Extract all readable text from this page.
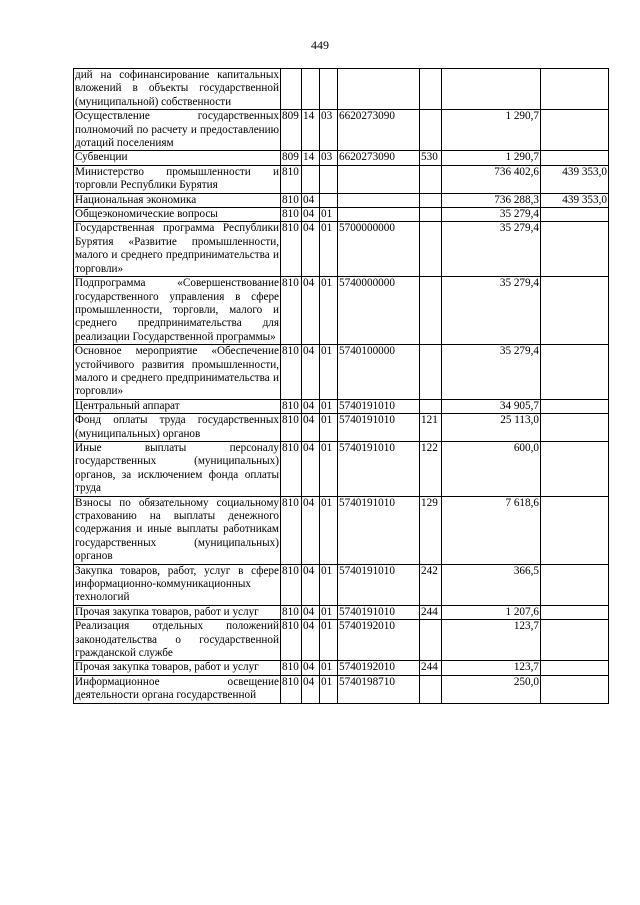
449
дий на софинансирование капитальных вложений в объекты государственной (муниципальной) собственности							
Осуществление государственных полномочий по расчету и предоставлению дотаций поселениям	809	14	03	6620273090		1 290,7	
Субвенции	809	14	03	6620273090	530	1 290,7	
Министерство промышленности и торговли Республики Бурятия	810					736 402,6	439 353,0
Национальная экономика	810	04				736 288,3	439 353,0
Общеэкономические вопросы	810	04	01			35 279,4	
Государственная программа Республики Бурятия «Развитие промышленности, малого и среднего предпринимательства и торговли»	810	04	01	5700000000		35 279,4	
Подпрограмма «Совершенствование государственного управления в сфере промышленности, торговли, малого и среднего предпринимательства для реализации Государственной программы»	810	04	01	5740000000		35 279,4	
Основное мероприятие «Обеспечение устойчивого развития промышленности, малого и среднего предпринимательства и торговли»	810	04	01	5740100000		35 279,4	
Центральный аппарат	810	04	01	5740191010		34 905,7	
Фонд оплаты труда государственных (муниципальных) органов	810	04	01	5740191010	121	25 113,0	
Иные выплаты персоналу государственных (муниципальных) органов, за исключением фонда оплаты труда	810	04	01	5740191010	122	600,0	
Взносы по обязательному социальному страхованию на выплаты денежного содержания и иные выплаты работникам государственных (муниципальных) органов	810	04	01	5740191010	129	7 618,6	
Закупка товаров, работ, услуг в сфере информационно-коммуникационных технологий	810	04	01	5740191010	242	366,5	
Прочая закупка товаров, работ и услуг	810	04	01	5740191010	244	1 207,6	
Реализация отдельных положений законодательства о государственной гражданской службе	810	04	01	5740192010		123,7	
Прочая закупка товаров, работ и услуг	810	04	01	5740192010	244	123,7	
Информационное освещение деятельности органа государственной	810	04	01	5740198710		250,0	
